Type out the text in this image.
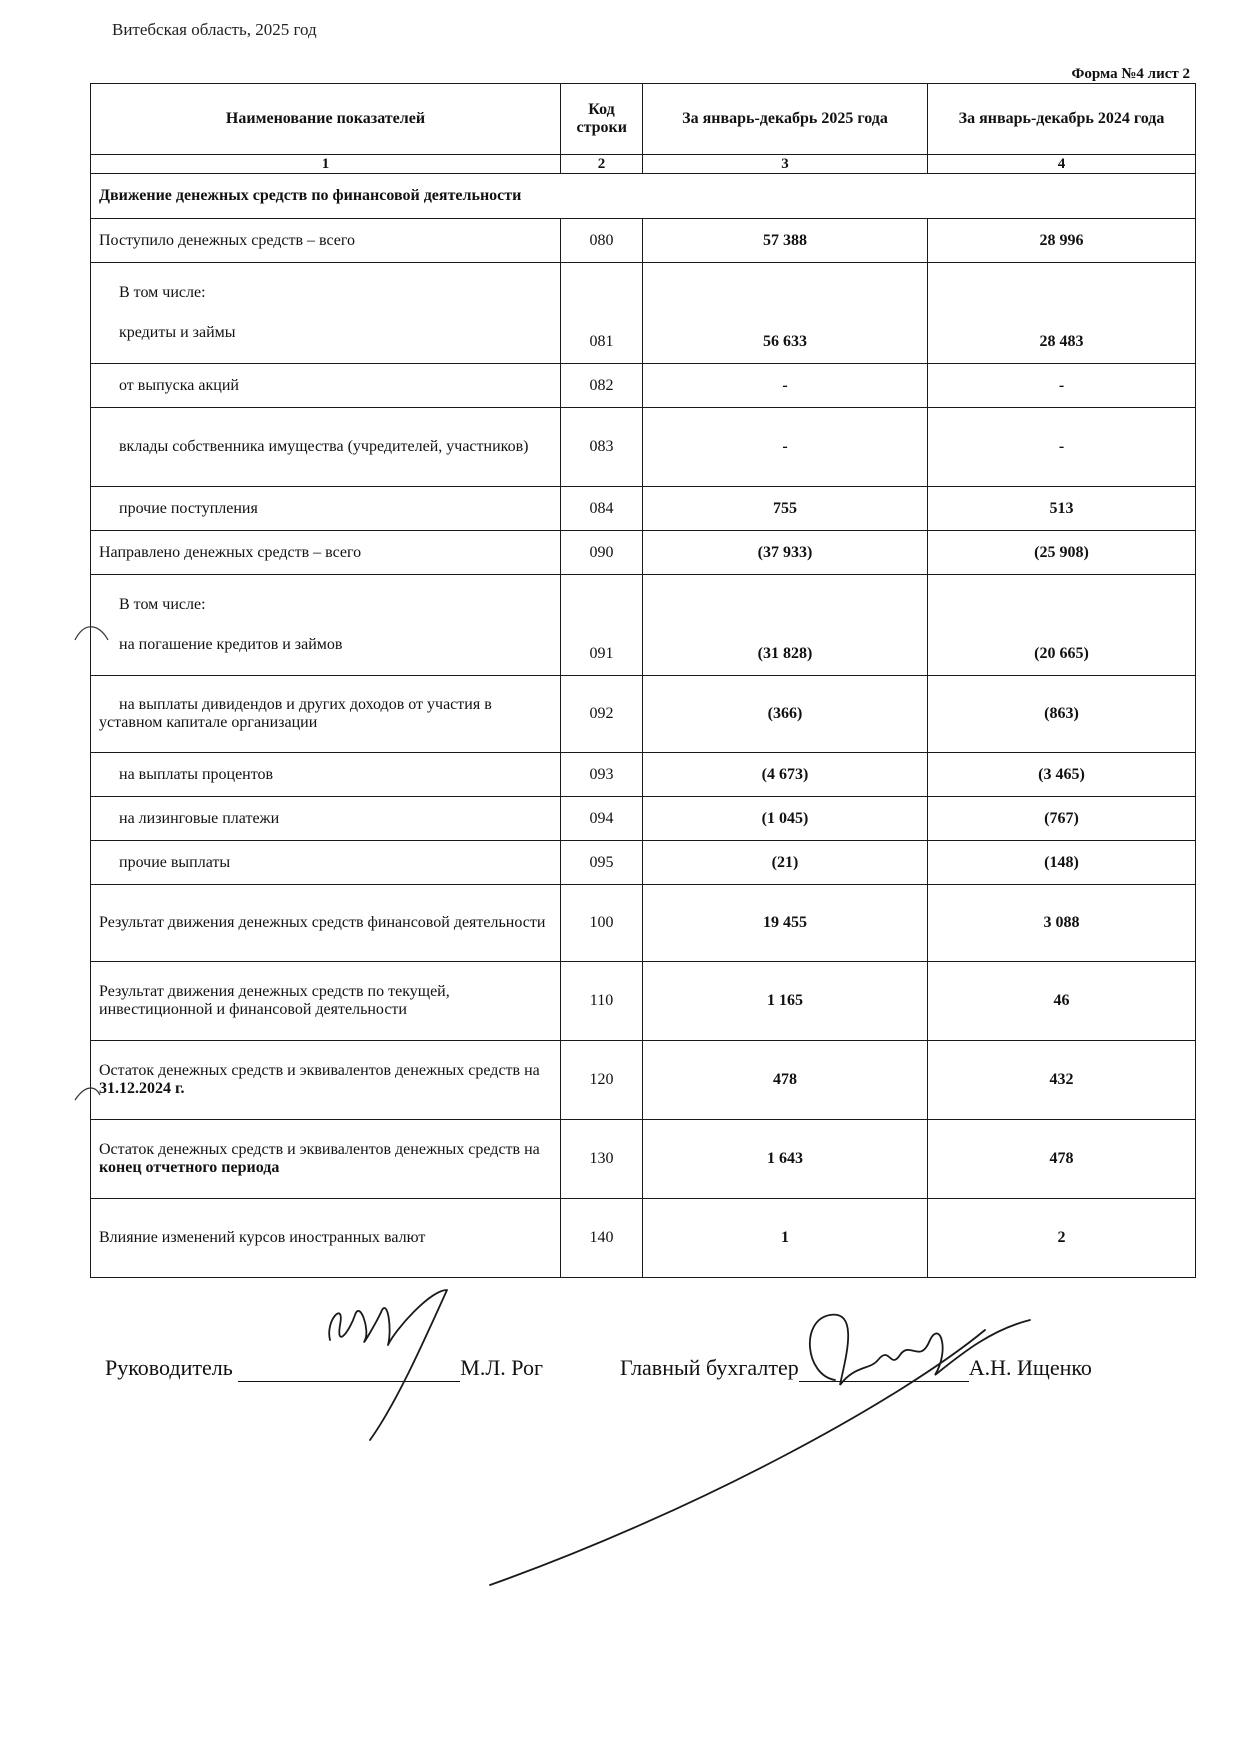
Витебская область, 2025 год
Форма №4 лист 2
Наименование показателей	Код строки	За январь-декабрь 2025 года	За январь-декабрь 2024 года
1	2	3	4
Движение денежных средств по финансовой деятельности			
Поступило денежных средств – всего	080	57 388	28 996

В том числе:
кредиты и займы	081	56 633	28 483
от выпуска акций	082	-	-
вклады собственника имущества (учредителей, участников)	083	-	-
прочие поступления	084	755	513
Направлено денежных средств – всего	090	(37 933)	(25 908)

В том числе:
на погашение кредитов и займов	091	(31 828)	(20 665)
на выплаты дивидендов и других доходов от участия в уставном капитале организации	092	(366)	(863)
на выплаты процентов	093	(4 673)	(3 465)
на лизинговые платежи	094	(1 045)	(767)
прочие выплаты	095	(21)	(148)
Результат движения денежных средств финансовой деятельности	100	19 455	3 088
Результат движения денежных средств по текущей, инвестиционной и финансовой деятельности	110	1 165	46
Остаток денежных средств и эквивалентов денежных средств на 31.12.2024 г.	120	478	432
Остаток денежных средств и эквивалентов денежных средств на конец отчетного периода	130	1 643	478
Влияние изменений курсов иностранных валют	140	1	2
Руководитель	М.Л. Рог	Главный бухгалтер	А.Н. Ищенко
